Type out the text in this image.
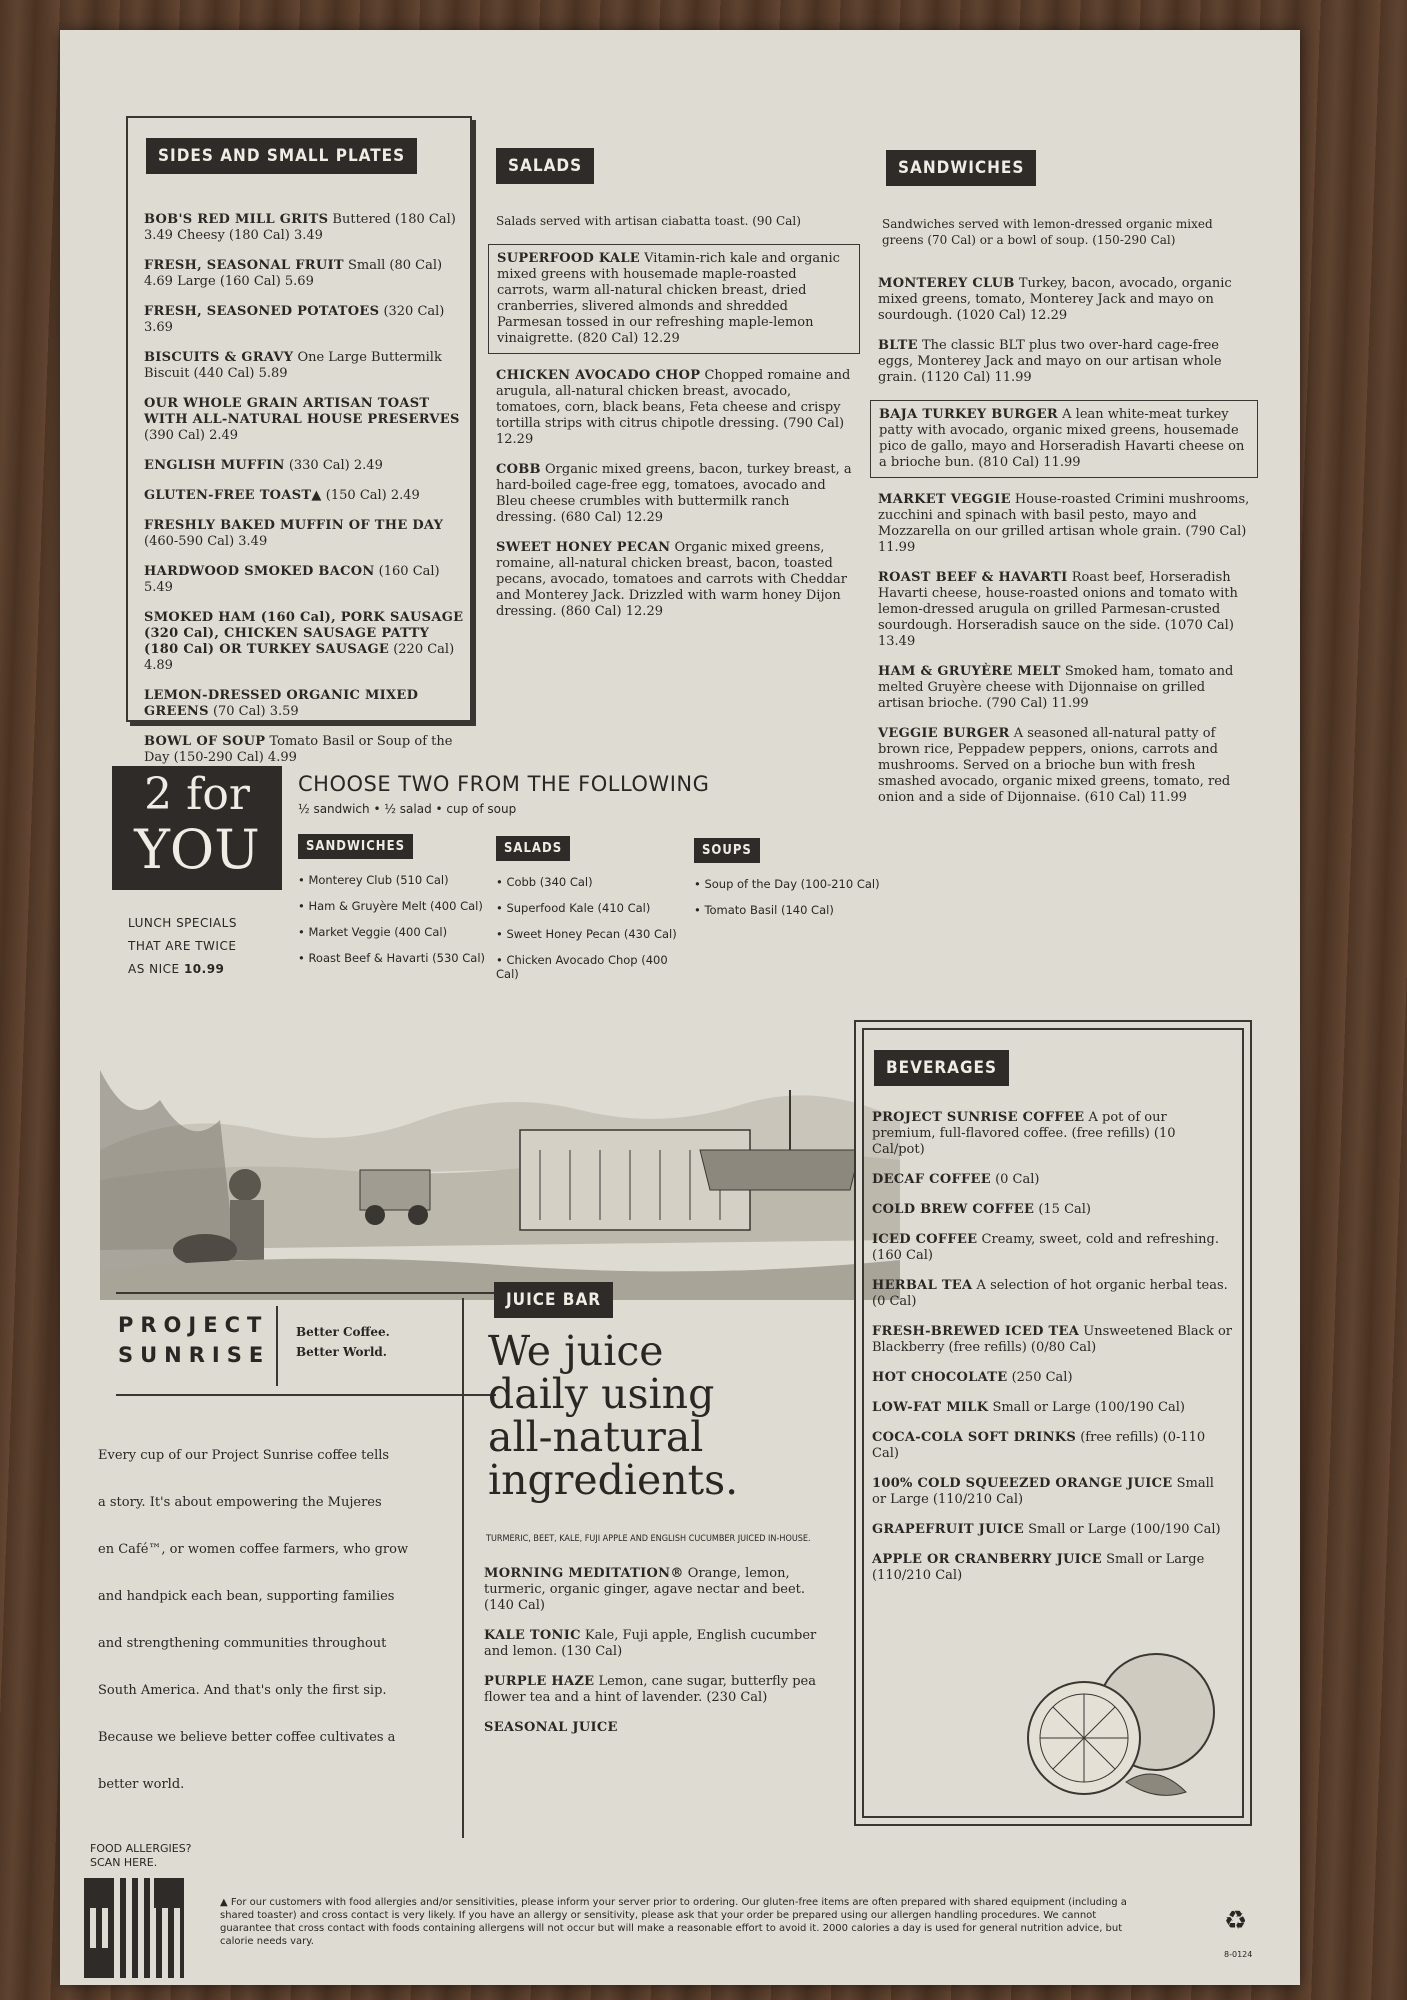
SIDES AND SMALL PLATES
BOB'S RED MILL GRITS Buttered (180 Cal) 3.49 Cheesy (180 Cal) 3.49
FRESH, SEASONAL FRUIT Small (80 Cal) 4.69 Large (160 Cal) 5.69
FRESH, SEASONED POTATOES (320 Cal) 3.69
BISCUITS & GRAVY One Large Buttermilk Biscuit (440 Cal) 5.89
OUR WHOLE GRAIN ARTISAN TOAST WITH ALL-NATURAL HOUSE PRESERVES (390 Cal) 2.49
ENGLISH MUFFIN (330 Cal) 2.49
GLUTEN-FREE TOAST▲ (150 Cal) 2.49
FRESHLY BAKED MUFFIN OF THE DAY (460-590 Cal) 3.49
HARDWOOD SMOKED BACON (160 Cal) 5.49
SMOKED HAM (160 Cal), PORK SAUSAGE (320 Cal), CHICKEN SAUSAGE PATTY (180 Cal) OR TURKEY SAUSAGE (220 Cal) 4.89
LEMON-DRESSED ORGANIC MIXED GREENS (70 Cal) 3.59
BOWL OF SOUP Tomato Basil or Soup of the Day (150-290 Cal) 4.99
SALADS
Salads served with artisan ciabatta toast. (90 Cal)
SUPERFOOD KALE Vitamin-rich kale and organic mixed greens with housemade maple-roasted carrots, warm all-natural chicken breast, dried cranberries, slivered almonds and shredded Parmesan tossed in our refreshing maple-lemon vinaigrette. (820 Cal) 12.29
CHICKEN AVOCADO CHOP Chopped romaine and arugula, all-natural chicken breast, avocado, tomatoes, corn, black beans, Feta cheese and crispy tortilla strips with citrus chipotle dressing. (790 Cal) 12.29
COBB Organic mixed greens, bacon, turkey breast, a hard-boiled cage-free egg, tomatoes, avocado and Bleu cheese crumbles with buttermilk ranch dressing. (680 Cal) 12.29
SWEET HONEY PECAN Organic mixed greens, romaine, all-natural chicken breast, bacon, toasted pecans, avocado, tomatoes and carrots with Cheddar and Monterey Jack. Drizzled with warm honey Dijon dressing. (860 Cal) 12.29
SANDWICHES
Sandwiches served with lemon-dressed organic mixed greens (70 Cal) or a bowl of soup. (150-290 Cal)
MONTEREY CLUB Turkey, bacon, avocado, organic mixed greens, tomato, Monterey Jack and mayo on sourdough. (1020 Cal) 12.29
BLTE The classic BLT plus two over-hard cage-free eggs, Monterey Jack and mayo on our artisan whole grain. (1120 Cal) 11.99
BAJA TURKEY BURGER A lean white-meat turkey patty with avocado, organic mixed greens, housemade pico de gallo, mayo and Horseradish Havarti cheese on a brioche bun. (810 Cal) 11.99
MARKET VEGGIE House-roasted Crimini mushrooms, zucchini and spinach with basil pesto, mayo and Mozzarella on our grilled artisan whole grain. (790 Cal) 11.99
ROAST BEEF & HAVARTI Roast beef, Horseradish Havarti cheese, house-roasted onions and tomato with lemon-dressed arugula on grilled Parmesan-crusted sourdough. Horseradish sauce on the side. (1070 Cal) 13.49
HAM & GRUYÈRE MELT Smoked ham, tomato and melted Gruyère cheese with Dijonnaise on grilled artisan brioche. (790 Cal) 11.99
VEGGIE BURGER A seasoned all-natural patty of brown rice, Peppadew peppers, onions, carrots and mushrooms. Served on a brioche bun with fresh smashed avocado, organic mixed greens, tomato, red onion and a side of Dijonnaise. (610 Cal) 11.99
2 for
YOU
CHOOSE TWO FROM THE FOLLOWING
½ sandwich • ½ salad • cup of soup
LUNCH SPECIALS
THAT ARE TWICE
AS NICE 10.99
SANDWICHES
• Monterey Club (510 Cal)
• Ham & Gruyère Melt (400 Cal)
• Market Veggie (400 Cal)
• Roast Beef & Havarti (530 Cal)
SALADS
• Cobb (340 Cal)
• Superfood Kale (410 Cal)
• Sweet Honey Pecan (430 Cal)
• Chicken Avocado Chop (400 Cal)
SOUPS
• Soup of the Day (100-210 Cal)
• Tomato Basil (140 Cal)
PROJECT
SUNRISE
Better Coffee.
Better World.
Every cup of our Project Sunrise coffee tells
a story. It's about empowering the Mujeres
en Café™, or women coffee farmers, who grow
and handpick each bean, supporting families
and strengthening communities throughout
South America. And that's only the first sip.
Because we believe better coffee cultivates a
better world.
JUICE BAR
We juice
daily using
all-natural
ingredients.
TURMERIC, BEET, KALE, FUJI APPLE AND ENGLISH CUCUMBER JUICED IN-HOUSE.
MORNING MEDITATION® Orange, lemon, turmeric, organic ginger, agave nectar and beet. (140 Cal)
KALE TONIC Kale, Fuji apple, English cucumber and lemon. (130 Cal)
PURPLE HAZE Lemon, cane sugar, butterfly pea flower tea and a hint of lavender. (230 Cal)
SEASONAL JUICE
BEVERAGES
PROJECT SUNRISE COFFEE A pot of our premium, full-flavored coffee. (free refills) (10 Cal/pot)
DECAF COFFEE (0 Cal)
COLD BREW COFFEE (15 Cal)
ICED COFFEE Creamy, sweet, cold and refreshing. (160 Cal)
HERBAL TEA A selection of hot organic herbal teas. (0 Cal)
FRESH-BREWED ICED TEA Unsweetened Black or Blackberry (free refills) (0/80 Cal)
HOT CHOCOLATE (250 Cal)
LOW-FAT MILK Small or Large (100/190 Cal)
COCA-COLA SOFT DRINKS (free refills) (0-110 Cal)
100% COLD SQUEEZED ORANGE JUICE Small or Large (110/210 Cal)
GRAPEFRUIT JUICE Small or Large (100/190 Cal)
APPLE OR CRANBERRY JUICE Small or Large (110/210 Cal)
FOOD ALLERGIES?
SCAN HERE.
▲ For our customers with food allergies and/or sensitivities, please inform your server prior to ordering. Our gluten-free items are often prepared with shared equipment (including a shared toaster) and cross contact is very likely. If you have an allergy or sensitivity, please ask that your order be prepared using our allergen handling procedures. We cannot guarantee that cross contact with foods containing allergens will not occur but will make a reasonable effort to avoid it. 2000 calories a day is used for general nutrition advice, but calorie needs vary.
♻
8-0124
